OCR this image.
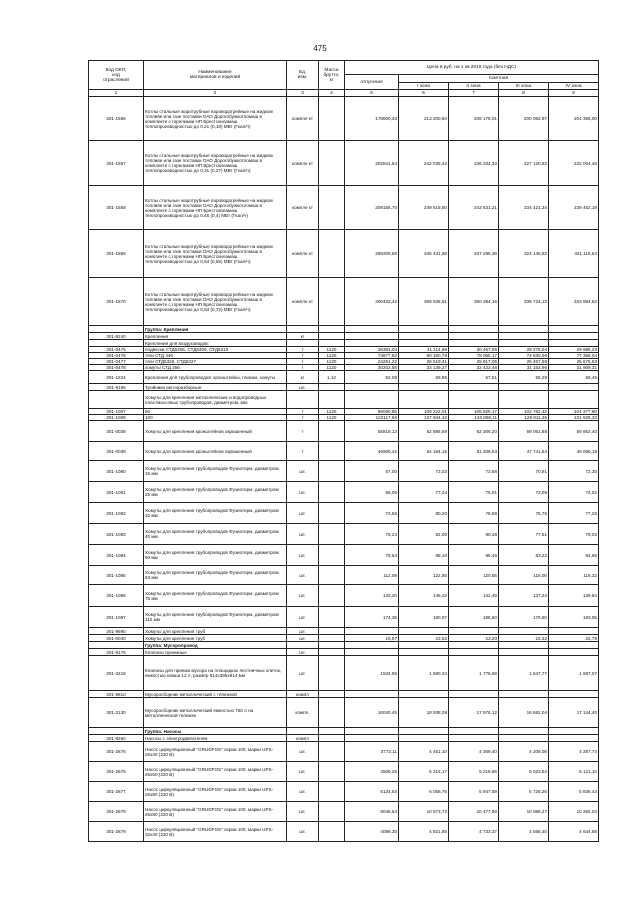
475
Код ОКП,
код
отраслевой	Наименование
материалов и изделий	Ед.
изм.	Масса
брутто,
кг	Цена в руб. на 1 кв 2018 года (без НДС)				
				отпускная	Сметная			
					I зона	II зона	III зона	IV зона
1	2	3	4	5	6	7	8	9
301-1566	Котлы стальные жаротрубные пароводогрейные на жидком топливе или газе поставки ОАО Дорогобужкотломаш в комплекте с горелками НП Брестскиламаш теплопроизводностью до 0,21 (0,18) МВт (Гкал/ч)	компле кт		178600,43	213 200,84	208 178,01	200 062,97	204 365,00
301-1567	Котлы стальные жаротрубные пароводогрейные на жидком топливе или газе поставки ОАО Дорогобужкотломаш в комплекте с горелками НП Брестскиламаш теплопроизводностью до 0,31 (0,27) МВт (Гкал/ч)	компле кт		202841,84	242 035,44	236 334,33	227 120,63	232 004,48
301-1568	Котлы стальные жаротрубные пароводогрейные на жидком топливе или газе поставки ОАО Дорогобужкотломаш в комплекте с горелками НП Брестскиламаш теплопроизводностью до 0,46 (0,4) МВт (Гкал/ч)	компле кт		209155,70	249 615,50	243 631,21	234 421,34	239 462,19
301-1569	Котлы стальные жаротрубные пароводогрейные на жидком топливе или газе поставки ОАО Дорогобужкотломаш в комплекте с горелками НП Брестскиламаш теплопроизводностью до 0,64 (0,55) МВт (Гкал/ч)	компле кт		289209,60	345 431,98	337 295,38	324 145,62	331 115,84
301-1570	Котлы стальные жаротрубные пароводогрейные на жидком топливе или газе поставки ОАО Дорогобужкотломаш в комплекте с горелками НП Брестскиламаш теплопроизводностью до 0,84 (0,72) МВт (Гкал/ч)	компле кт		300432,42	358 636,51	350 384,16	336 724,13	343 984,63
	Группа: Крепления							
301-9240	Крепления	кг						
	Крепления для воздуховодов:							
301-0475	подвески СТД5206, СТД5309, СТД6210	т	1120	26381,04	31 114,69	30 467,05	29 275,04	29 985,23
301-0476	тяги СТД 446	т	1120	73677,83	80 180,79	78 065,17	74 630,56	77 358,04
301-0477	тяги СТД5326, СТД6327	т	1120	24261,22	26 519,41	25 917,05	25 467,58	25 675,83
301-0478	хомуты СТД 256	т	1120	30202,58	33 139,27	32 422,46	31 153,96	31 909,31
301-1224	Крепления для трубопроводов: кронштейны, планки, хомуты	кг	1,12	52,08	59,85	57,51	55,29	56,45
301-9165	Тройники англоразборные	шт.						
	Хомуты для крепления металлических и водопроводных пластмассовых трубопроводов, диаметром, мм:							
301-1007	50	т	1120	96080,85	109 222,01	105 828,17	102 762,42	104 377,80
301-1008	100	т	1120	122117,66	137 944,43	133 858,11	129 811,36	131 626,33
301-0038	Хомуты для крепления кронштейнов окрашенный	т		55818,13	62 886,69	62 306,20	59 051,88	59 662,40
301-0039	Хомуты для крепления кронштейнов окрашенный	т		46905,42	54 184,15	51 306,63	47 741,64	49 066,19
301-1080	Хомуты для крепления трубопроводов Фузиотерм, диаметром 15 мм	шт.		67,00	73,03	73,68	70,91	72,30
301-1081	Хомуты для крепления трубопроводов Фузиотерм, диаметром 25 мм	шт.		68,06	77,34	75,91	73,09	74,52
301-1082	Хомуты для крепления трубопроводов Фузиотерм, диаметром 32 мм	шт.		73,56	80,20	78,68	75,76	77,26
301-1083	Хомуты для крепления трубопроводов Фузиотерм, диаметром 40 мм	шт.		75,24	82,00	80,48	77,51	79,02
301-1084	Хомуты для крепления трубопроводов Фузиотерм, диаметром 50 мм	шт.		78,64	88,10	86,46	83,22	84,86
301-1085	Хомуты для крепления трубопроводов Фузиотерм, диаметром 63 мм	шт.		112,09	122,85	120,55	116,00	118,32
301-1086	Хомуты для крепления трубопроводов Фузиотерм, диаметром 75 мм	шт.		133,20	145,22	142,49	137,24	139,84
301-1087	Хомуты для крепления трубопроводов Фузиотерм, диаметром 110 мм	шт.		174,35	190,07	186,50	179,60	183,05
301-9690	Хомуты для крепления труб	шт.						
301-0040	Хомуты для крепления труб	шт.		19,97	23,62	23,20	22,32	22,78
	Группа: Мусоропровод							
301-9175	Клапаны приемные	шт.						
301-3218	Клапаны для приема мусора на площадках лестничных клеток, емкостью ковша 12 л, размер 614х395х814 мм	шт.		1534,95	1 690,34	1 776,58	1 647,77	1 697,07
301-9810	Мусоросборник металлический с тележкой	компл						
301-2130	Мусоросборник металлический емкостью 750 л на металлической тележке	компл.		16040,45	18 938,08	17 976,12	16 682,04	17 144,40
	Группа: Насосы							
301-9260	Насосы с электродвигателем	компл						
301-2675	Насос циркуляционный "GRUDFOS" серии 100, марки UPS-25х40 (220 В)	шт.		3772,11	4 451,10	4 369,40	4 208,08	4 287,74
301-2676	Насос циркуляционный "GRUDFOS" серии 100, марки UPS-25х60 (220 В)	шт.		4506,26	5 316,17	5 218,86	5 023,54	5 121,10
301-2677	Насос циркуляционный "GRUDFOS" серии 100, марки UPS-25х80 (220 В)	шт.		5134,54	6 058,76	5 947,59	5 725,26	5 836,43
301-2678	Насос циркуляционный "GRUDFOS" серии 100, марки UPS-25х80 (220 В)	шт.		9045,54	10 673,72	10 477,90	10 086,27	10 282,03
301-2679	Насос циркуляционный "GRUDFOS" серии 100, марки UPS-32х40 (220 В)	шт.		4086,30	4 821,85	4 733,37	4 556,40	4 644,88
